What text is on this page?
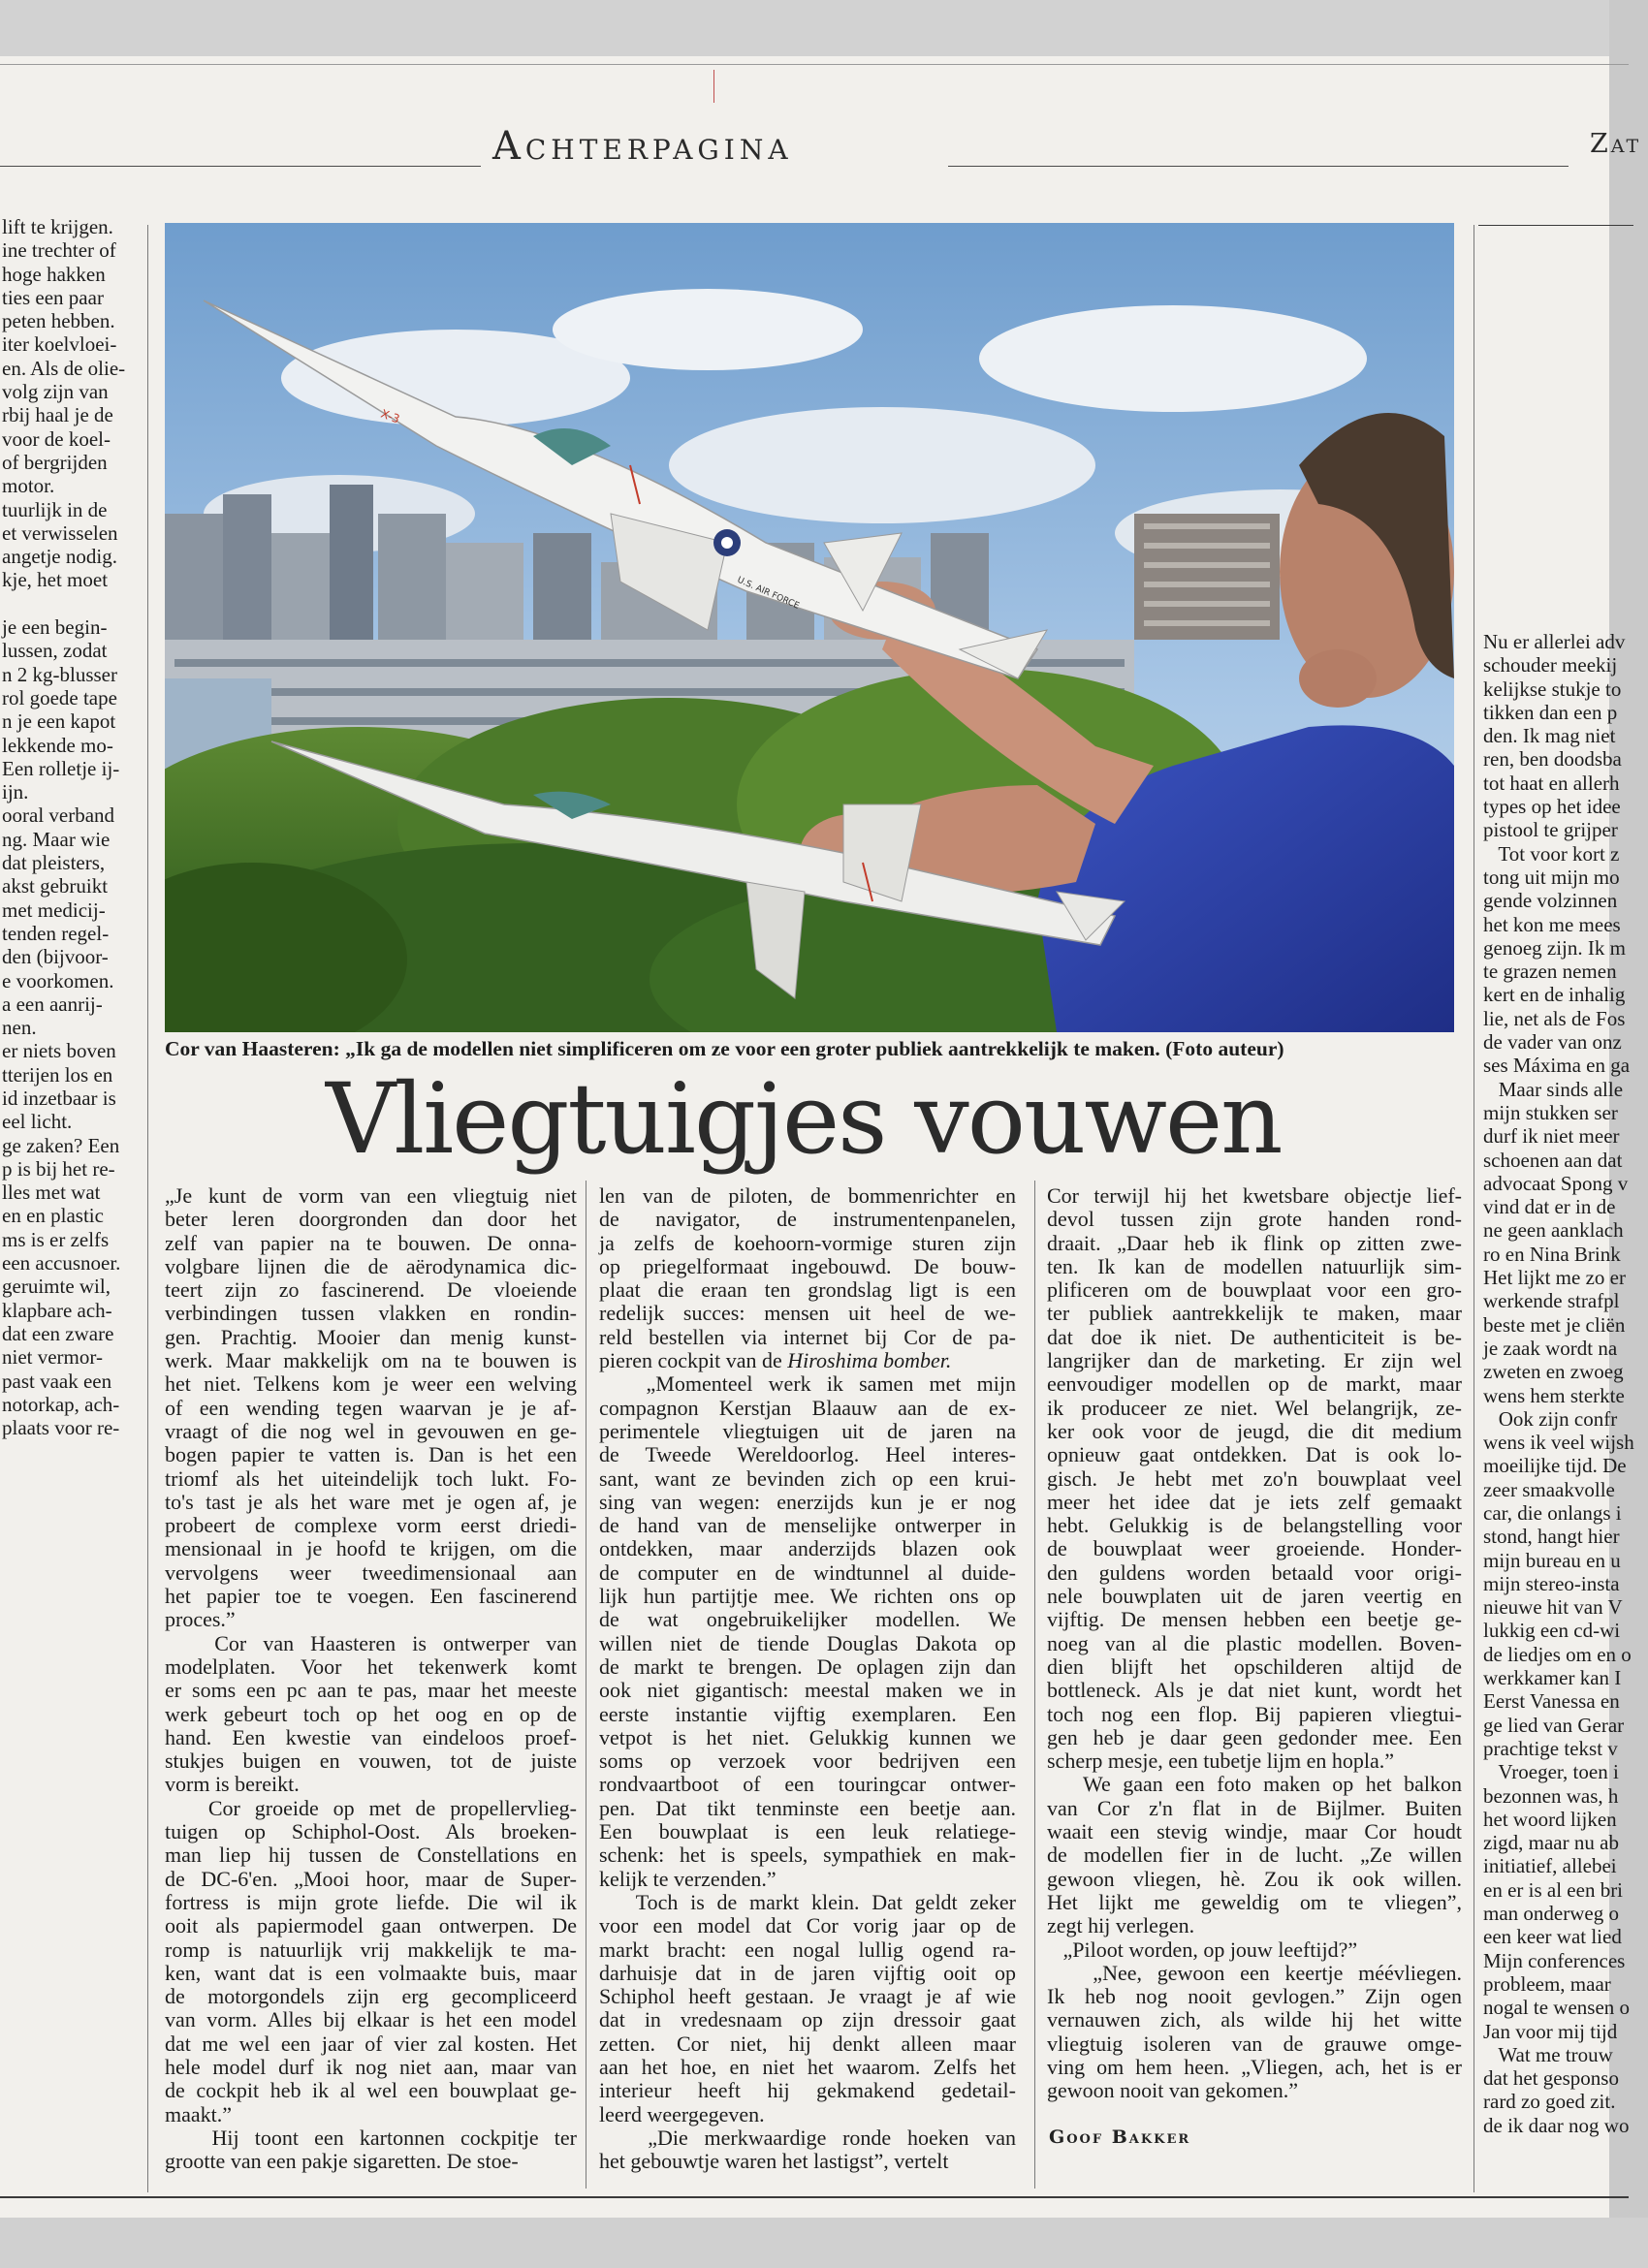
Achterpagina	Zat
lift te krijgen.
ine trechter of
hoge hakken
ties een paar
peten hebben.
iter koelvloei-
en. Als de olie-
volg zijn van
rbij haal je de
voor de koel-
of bergrijden
motor.
tuurlijk in de
et verwisselen
angetje nodig.
kje, het moet

je een begin-
lussen, zodat
n 2 kg-blusser
rol goede tape
n je een kapot
lekkende mo-
Een rolletje ij-
ijn.
ooral verband
ng. Maar wie
dat pleisters,
akst gebruikt
met medicij-
tenden regel-
den (bijvoor-
e voorkomen.
a een aanrij-
nen.
er niets boven
tterijen los en
id inzetbaar is
eel licht.
ge zaken? Een
p is bij het re-
lles met wat
en en plastic
ms is er zelfs
een accusnoer.
geruimte wil,
klapbare ach-
dat een zware
niet vermor-
past vaak een
notorkap, ach-
plaats voor re-
Nu er allerlei adv
schouder meekij
kelijkse stukje to
tikken dan een p
den. Ik mag niet
ren, ben doodsba
tot haat en allerh
types op het idee
pistool te grijper
Tot voor kort z
tong uit mijn mo
gende volzinnen
het kon me mees
genoeg zijn. Ik m
te grazen nemen
kert en de inhalig
lie, net als de Fos
de vader van onz
ses Máxima en ga
Maar sinds alle
mijn stukken ser
durf ik niet meer
schoenen aan dat
advocaat Spong v
vind dat er in de
ne geen aanklach
ro en Nina Brink
Het lijkt me zo er
werkende strafpl
beste met je cliën
je zaak wordt na
zweten en zwoeg
wens hem sterkte
Ook zijn confr
wens ik veel wijsh
moeilijke tijd. De
zeer smaakvolle
car, die onlangs i
stond, hangt hier
mijn bureau en u
mijn stereo-insta
nieuwe hit van V
lukkig een cd-wi
de liedjes om en o
werkkamer kan I
Eerst Vanessa en
ge lied van Gerar
prachtige tekst v
Vroeger, toen i
bezonnen was, h
het woord lijken
zigd, maar nu ab
initiatief, allebei
en er is al een bri
man onderweg o
een keer wat lied
Mijn conferences
probleem, maar
nogal te wensen o
Jan voor mij tijd
Wat me trouw
dat het gesponso
rard zo goed zit.
de ik daar nog wo
X-3
U.S. AIR FORCE
Cor van Haasteren: „Ik ga de modellen niet simplificeren om ze voor een groter publiek aantrekkelijk te maken. (Foto auteur)
Vliegtuigjes vouwen
„Je kunt de vorm van een vliegtuig niet
beter leren doorgronden dan door het
zelf van papier na te bouwen. De onna-
volgbare lijnen die de aërodynamica dic-
teert zijn zo fascinerend. De vloeiende
verbindingen tussen vlakken en rondin-
gen. Prachtig. Mooier dan menig kunst-
werk. Maar makkelijk om na te bouwen is
het niet. Telkens kom je weer een welving
of een wending tegen waarvan je je af-
vraagt of die nog wel in gevouwen en ge-
bogen papier te vatten is. Dan is het een
triomf als het uiteindelijk toch lukt. Fo-
to's tast je als het ware met je ogen af, je
probeert de complexe vorm eerst driedi-
mensionaal in je hoofd te krijgen, om die
vervolgens weer tweedimensionaal aan
het papier toe te voegen. Een fascinerend
proces.”
Cor van Haasteren is ontwerper van
modelplaten. Voor het tekenwerk komt
er soms een pc aan te pas, maar het meeste
werk gebeurt toch op het oog en op de
hand. Een kwestie van eindeloos proef-
stukjes buigen en vouwen, tot de juiste
vorm is bereikt.
Cor groeide op met de propellervlieg-
tuigen op Schiphol-Oost. Als broeken-
man liep hij tussen de Constellations en
de DC-6'en. „Mooi hoor, maar de Super-
fortress is mijn grote liefde. Die wil ik
ooit als papiermodel gaan ontwerpen. De
romp is natuurlijk vrij makkelijk te ma-
ken, want dat is een volmaakte buis, maar
de motorgondels zijn erg gecompliceerd
van vorm. Alles bij elkaar is het een model
dat me wel een jaar of vier zal kosten. Het
hele model durf ik nog niet aan, maar van
de cockpit heb ik al wel een bouwplaat ge-
maakt.”
Hij toont een kartonnen cockpitje ter
grootte van een pakje sigaretten. De stoe-
len van de piloten, de bommenrichter en
de navigator, de instrumentenpanelen,
ja zelfs de koehoorn-vormige sturen zijn
op priegelformaat ingebouwd. De bouw-
plaat die eraan ten grondslag ligt is een
redelijk succes: mensen uit heel de we-
reld bestellen via internet bij Cor de pa-
pieren cockpit van de Hiroshima bomber.
„Momenteel werk ik samen met mijn
compagnon Kerstjan Blaauw aan de ex-
perimentele vliegtuigen uit de jaren na
de Tweede Wereldoorlog. Heel interes-
sant, want ze bevinden zich op een krui-
sing van wegen: enerzijds kun je er nog
de hand van de menselijke ontwerper in
ontdekken, maar anderzijds blazen ook
de computer en de windtunnel al duide-
lijk hun partijtje mee. We richten ons op
de wat ongebruikelijker modellen. We
willen niet de tiende Douglas Dakota op
de markt te brengen. De oplagen zijn dan
ook niet gigantisch: meestal maken we in
eerste instantie vijftig exemplaren. Een
vetpot is het niet. Gelukkig kunnen we
soms op verzoek voor bedrijven een
rondvaartboot of een touringcar ontwer-
pen. Dat tikt tenminste een beetje aan.
Een bouwplaat is een leuk relatiege-
schenk: het is speels, sympathiek en mak-
kelijk te verzenden.”
Toch is de markt klein. Dat geldt zeker
voor een model dat Cor vorig jaar op de
markt bracht: een nogal lullig ogend ra-
darhuisje dat in de jaren vijftig ooit op
Schiphol heeft gestaan. Je vraagt je af wie
dat in vredesnaam op zijn dressoir gaat
zetten. Cor niet, hij denkt alleen maar
aan het hoe, en niet het waarom. Zelfs het
interieur heeft hij gekmakend gedetail-
leerd weergegeven.
„Die merkwaardige ronde hoeken van
het gebouwtje waren het lastigst”, vertelt
Cor terwijl hij het kwetsbare objectje lief-
devol tussen zijn grote handen rond-
draait. „Daar heb ik flink op zitten zwe-
ten. Ik kan de modellen natuurlijk sim-
plificeren om de bouwplaat voor een gro-
ter publiek aantrekkelijk te maken, maar
dat doe ik niet. De authenticiteit is be-
langrijker dan de marketing. Er zijn wel
eenvoudiger modellen op de markt, maar
ik produceer ze niet. Wel belangrijk, ze-
ker ook voor de jeugd, die dit medium
opnieuw gaat ontdekken. Dat is ook lo-
gisch. Je hebt met zo'n bouwplaat veel
meer het idee dat je iets zelf gemaakt
hebt. Gelukkig is de belangstelling voor
de bouwplaat weer groeiende. Honder-
den guldens worden betaald voor origi-
nele bouwplaten uit de jaren veertig en
vijftig. De mensen hebben een beetje ge-
noeg van al die plastic modellen. Boven-
dien blijft het opschilderen altijd de
bottleneck. Als je dat niet kunt, wordt het
toch nog een flop. Bij papieren vliegtui-
gen heb je daar geen gedonder mee. Een
scherp mesje, een tubetje lijm en hopla.”
We gaan een foto maken op het balkon
van Cor z'n flat in de Bijlmer. Buiten
waait een stevig windje, maar Cor houdt
de modellen fier in de lucht. „Ze willen
gewoon vliegen, hè. Zou ik ook willen.
Het lijkt me geweldig om te vliegen”,
zegt hij verlegen.
„Piloot worden, op jouw leeftijd?”
„Nee, gewoon een keertje méévliegen.
Ik heb nog nooit gevlogen.” Zijn ogen
vernauwen zich, als wilde hij het witte
vliegtuig isoleren van de grauwe omge-
ving om hem heen. „Vliegen, ach, het is er
gewoon nooit van gekomen.”
Goof Bakker
